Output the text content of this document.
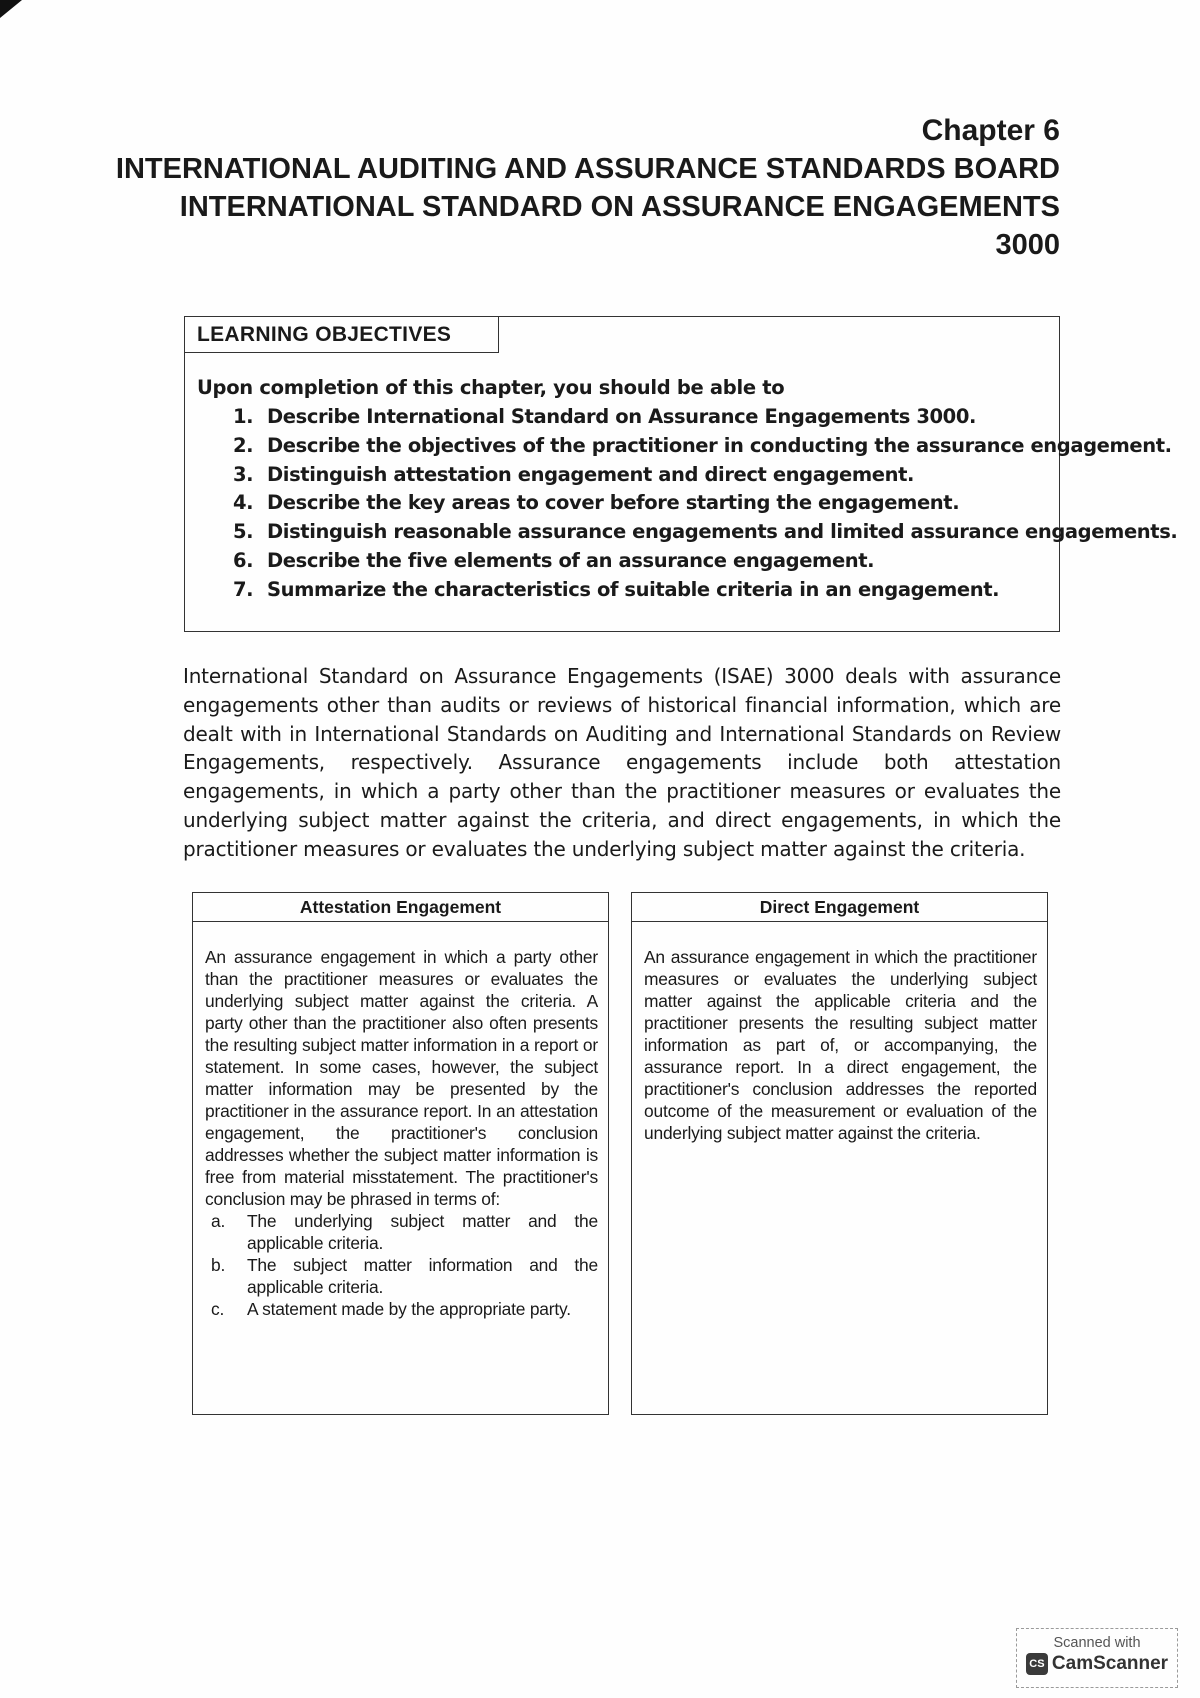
Chapter 6
INTERNATIONAL AUDITING AND ASSURANCE STANDARDS BOARD
INTERNATIONAL STANDARD ON ASSURANCE ENGAGEMENTS
3000
LEARNING OBJECTIVES
Upon completion of this chapter, you should be able to
1. Describe International Standard on Assurance Engagements 3000.
2. Describe the objectives of the practitioner in conducting the assurance engagement.
3. Distinguish attestation engagement and direct engagement.
4. Describe the key areas to cover before starting the engagement.
5. Distinguish reasonable assurance engagements and limited assurance engagements.
6. Describe the five elements of an assurance engagement.
7. Summarize the characteristics of suitable criteria in an engagement.

International Standard on Assurance Engagements (ISAE) 3000 deals with assurance engagements other than audits or reviews of historical financial information, which are dealt with in International Standards on Auditing and International Standards on Review Engagements, respectively. Assurance engagements include both attestation engagements, in which a party other than the practitioner measures or evaluates the underlying subject matter against the criteria, and direct engagements, in which the practitioner measures or evaluates the underlying subject matter against the criteria.

Attestation Engagement
An assurance engagement in which a party other than the practitioner measures or evaluates the underlying subject matter against the criteria. A party other than the practitioner also often presents the resulting subject matter information in a report or statement. In some cases, however, the subject matter information may be presented by the practitioner in the assurance report. In an attestation engagement, the practitioner's conclusion addresses whether the subject matter information is free from material misstatement. The practitioner's conclusion may be phrased in terms of:
a. The underlying subject matter and the applicable criteria.
b. The subject matter information and the applicable criteria.
c. A statement made by the appropriate party.
Direct Engagement
An assurance engagement in which the practitioner measures or evaluates the underlying subject matter against the applicable criteria and the practitioner presents the resulting subject matter information as part of, or accompanying, the assurance report. In a direct engagement, the practitioner's conclusion addresses the reported outcome of the measurement or evaluation of the underlying subject matter against the criteria.
Scanned with
CS CamScanner
